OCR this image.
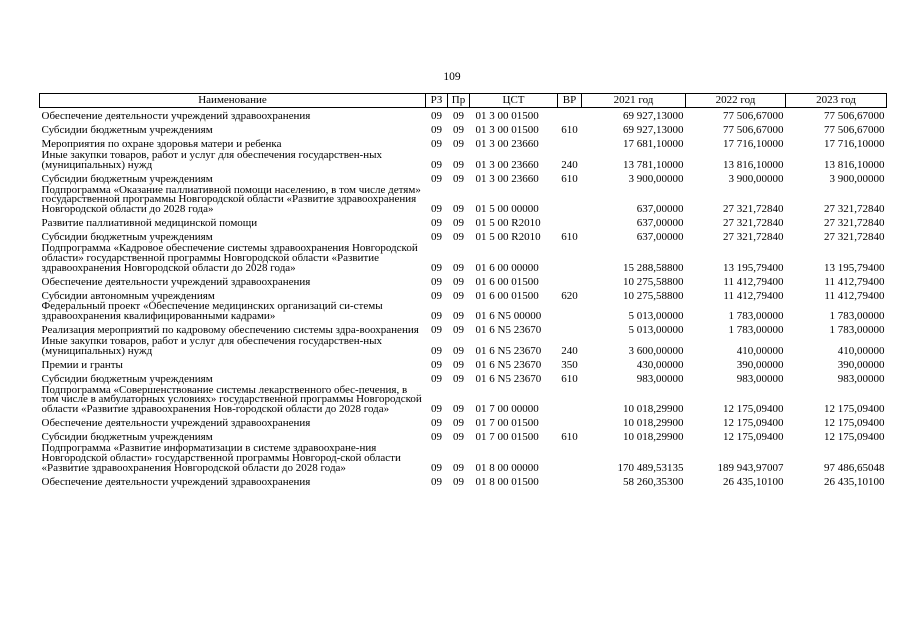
109
Наименование	РЗ	Пр	ЦСТ	ВР	2021 год	2022 год	2023 год
Обеспечение деятельности учреждений здравоохранения	09	09	01 3 00 01500		69 927,13000	77 506,67000	77 506,67000
Субсидии бюджетным учреждениям	09	09	01 3 00 01500	610	69 927,13000	77 506,67000	77 506,67000
Мероприятия по охране здоровья матери и ребенка	09	09	01 3 00 23660		17 681,10000	17 716,10000	17 716,10000
Иные закупки товаров, работ и услуг для обеспечения государствен-ных (муниципальных) нужд	09	09	01 3 00 23660	240	13 781,10000	13 816,10000	13 816,10000
Субсидии бюджетным учреждениям	09	09	01 3 00 23660	610	3 900,00000	3 900,00000	3 900,00000
Подпрограмма «Оказание паллиативной помощи населению, в том числе детям» государственной программы Новгородской области «Развитие здравоохранения Новгородской области до 2028 года»	09	09	01 5 00 00000		637,00000	27 321,72840	27 321,72840
Развитие паллиативной медицинской помощи	09	09	01 5 00 R2010		637,00000	27 321,72840	27 321,72840
Субсидии бюджетным учреждениям	09	09	01 5 00 R2010	610	637,00000	27 321,72840	27 321,72840
Подпрограмма «Кадровое обеспечение системы здравоохранения Новгородской области» государственной программы Новгородской области «Развитие здравоохранения Новгородской области до 2028 года»	09	09	01 6 00 00000		15 288,58800	13 195,79400	13 195,79400
Обеспечение деятельности учреждений здравоохранения	09	09	01 6 00 01500		10 275,58800	11 412,79400	11 412,79400
Субсидии автономным учреждениям	09	09	01 6 00 01500	620	10 275,58800	11 412,79400	11 412,79400
Федеральный проект «Обеспечение медицинских организаций си-стемы здравоохранения квалифицированными кадрами»	09	09	01 6 N5 00000		5 013,00000	1 783,00000	1 783,00000
Реализация мероприятий по кадровому обеспечению системы здра-воохранения	09	09	01 6 N5 23670		5 013,00000	1 783,00000	1 783,00000
Иные закупки товаров, работ и услуг для обеспечения государствен-ных (муниципальных) нужд	09	09	01 6 N5 23670	240	3 600,00000	410,00000	410,00000
Премии и гранты	09	09	01 6 N5 23670	350	430,00000	390,00000	390,00000
Субсидии бюджетным учреждениям	09	09	01 6 N5 23670	610	983,00000	983,00000	983,00000
Подпрограмма «Совершенствование системы лекарственного обес-печения, в том числе в амбулаторных условиях» государственной программы Новгородской области «Развитие здравоохранения Нов-городской области до 2028 года»	09	09	01 7 00 00000		10 018,29900	12 175,09400	12 175,09400
Обеспечение деятельности учреждений здравоохранения	09	09	01 7 00 01500		10 018,29900	12 175,09400	12 175,09400
Субсидии бюджетным учреждениям	09	09	01 7 00 01500	610	10 018,29900	12 175,09400	12 175,09400
Подпрограмма «Развитие информатизации в системе здравоохране-ния Новгородской области» государственной программы Новгород-ской области «Развитие здравоохранения Новгородской области до 2028 года»	09	09	01 8 00 00000		170 489,53135	189 943,97007	97 486,65048
Обеспечение деятельности учреждений здравоохранения	09	09	01 8 00 01500		58 260,35300	26 435,10100	26 435,10100
